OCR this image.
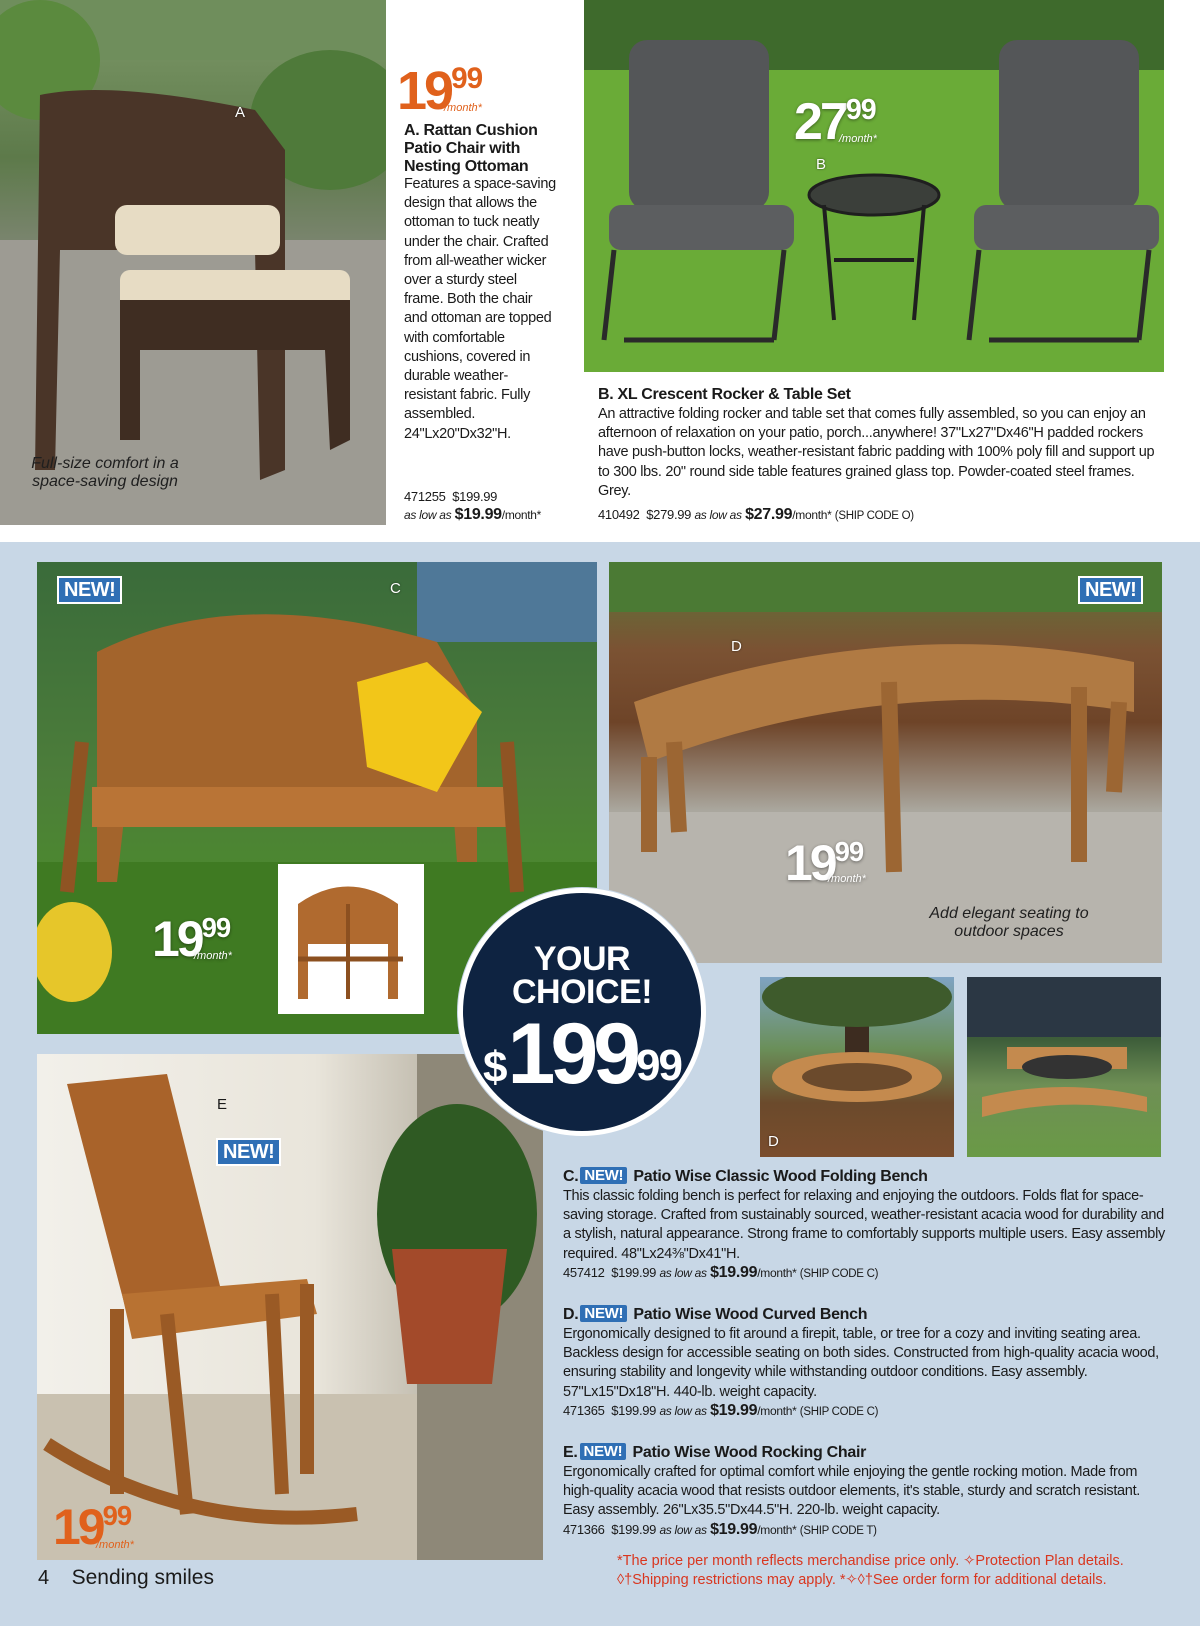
A
Full-size comfort in a space-saving design
$19^{99}$
/month*
A. Rattan Cushion Patio Chair with Nesting Ottoman
Features a space-saving design that allows the ottoman to tuck neatly under the chair. Crafted from all-weather wicker over a sturdy steel frame. Both the chair and ottoman are topped with comfortable cushions, covered in durable weather-resistant fabric. Fully assembled. 24"Lx20"Dx32"H.
471255 $199.99
as low as $19.99/month*
B
$27^{99}$
/month*
B. XL Crescent Rocker & Table Set
An attractive folding rocker and table set that comes fully assembled, so you can enjoy an afternoon of relaxation on your patio, porch...anywhere! 37"Lx27"Dx46"H padded rockers have push-button locks, weather-resistant fabric padding with 100% poly fill and support up to 300 lbs. 20" round side table features grained glass top. Powder-coated steel frames. Grey.
410492 $279.99 as low as $27.99/month* (SHIP CODE O)
NEW!	C
$19^{99}$
/month*
NEW!
D
$19^{99}$
/month*
Add elegant seating to outdoor spaces
D
NEW!
E
$19^{99}$
/month*
YOUR
CHOICE!
$^{\$}199^{99}$
C. NEW! Patio Wise Classic Wood Folding Bench
This classic folding bench is perfect for relaxing and enjoying the outdoors. Folds flat for space-saving storage. Crafted from sustainably sourced, weather-resistant acacia wood for durability and a stylish, natural appearance. Strong frame to comfortably supports multiple users. Easy assembly required. 48"Lx24⅜"Dx41"H.
457412 $199.99 as low as $19.99/month* (SHIP CODE C)
D. NEW! Patio Wise Wood Curved Bench
Ergonomically designed to fit around a firepit, table, or tree for a cozy and inviting seating area. Backless design for accessible seating on both sides. Constructed from high-quality acacia wood, ensuring stability and longevity while withstanding outdoor conditions. Easy assembly. 57"Lx15"Dx18"H. 440-lb. weight capacity.
471365 $199.99 as low as $19.99/month* (SHIP CODE C)
E. NEW! Patio Wise Wood Rocking Chair
Ergonomically crafted for optimal comfort while enjoying the gentle rocking motion. Made from high-quality acacia wood that resists outdoor elements, it's stable, sturdy and scratch resistant. Easy assembly. 26"Lx35.5"Dx44.5"H. 220-lb. weight capacity.
471366 $199.99 as low as $19.99/month* (SHIP CODE T)
4 Sending smiles
*The price per month reflects merchandise price only. ✧Protection Plan details.
◊†Shipping restrictions may apply. *✧◊†See order form for additional details.
